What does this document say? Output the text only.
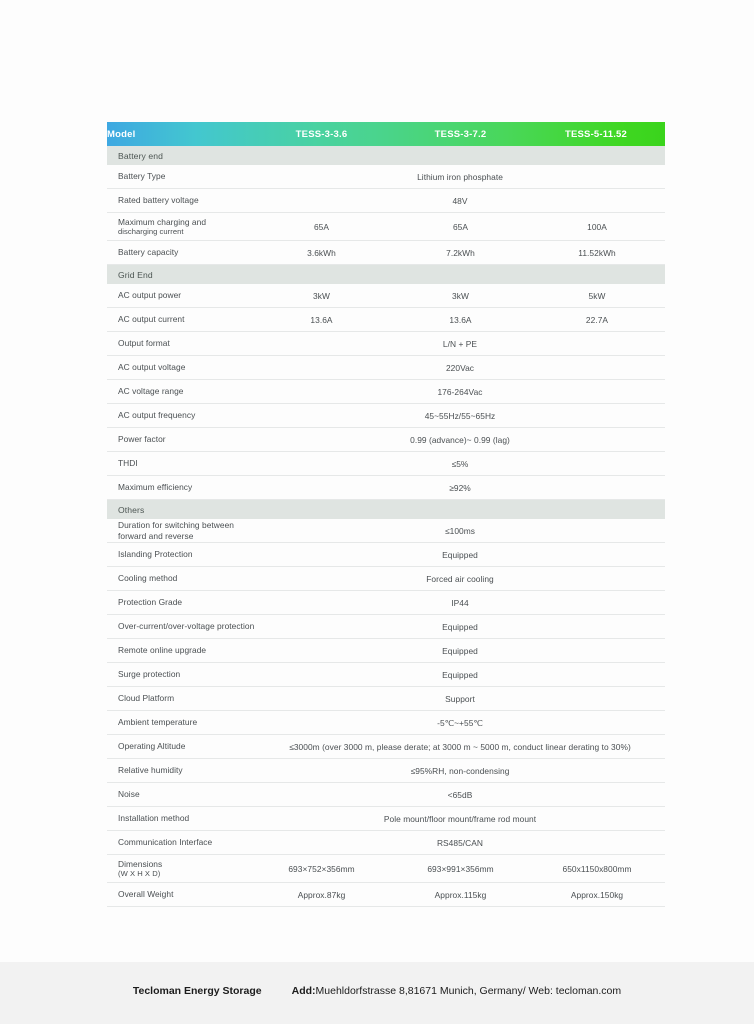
Model	TESS-3-3.6	TESS-3-7.2	TESS-5-11.52
Battery end			
Battery Type	Lithium iron phosphate		
Rated battery voltage	48V		
Maximum charging and
discharging current	65A	65A	100A
Battery capacity	3.6kWh	7.2kWh	11.52kWh
Grid End			
AC output power	3kW	3kW	5kW
AC output current	13.6A	13.6A	22.7A
Output format	L/N + PE		
AC output voltage	220Vac		
AC voltage range	176-264Vac		
AC output frequency	45~55Hz/55~65Hz		
Power factor	0.99 (advance)~ 0.99 (lag)		
THDI	≤5%		
Maximum efficiency	≥92%		
Others			
Duration for switching between forward and reverse	≤100ms		
Islanding Protection	Equipped		
Cooling method	Forced air cooling		
Protection Grade	IP44		
Over-current/over-voltage protection	Equipped		
Remote online upgrade	Equipped		
Surge protection	Equipped		
Cloud Platform	Support		
Ambient temperature	-5℃~+55℃		
Operating Altitude	≤3000m (over 3000 m, please derate; at 3000 m ~ 5000 m, conduct linear derating to 30%)		
Relative humidity	≤95%RH, non-condensing		
Noise	<65dB		
Installation method	Pole mount/floor mount/frame rod mount		
Communication Interface	RS485/CAN		
Dimensions
(W X H X D)	693×752×356mm	693×991×356mm	650x1150x800mm
Overall Weight	Approx.87kg	Approx.115kg	Approx.150kg
Tecloman Energy Storage	Add:Muehldorfstrasse 8,81671 Munich, Germany/ Web: tecloman.com
